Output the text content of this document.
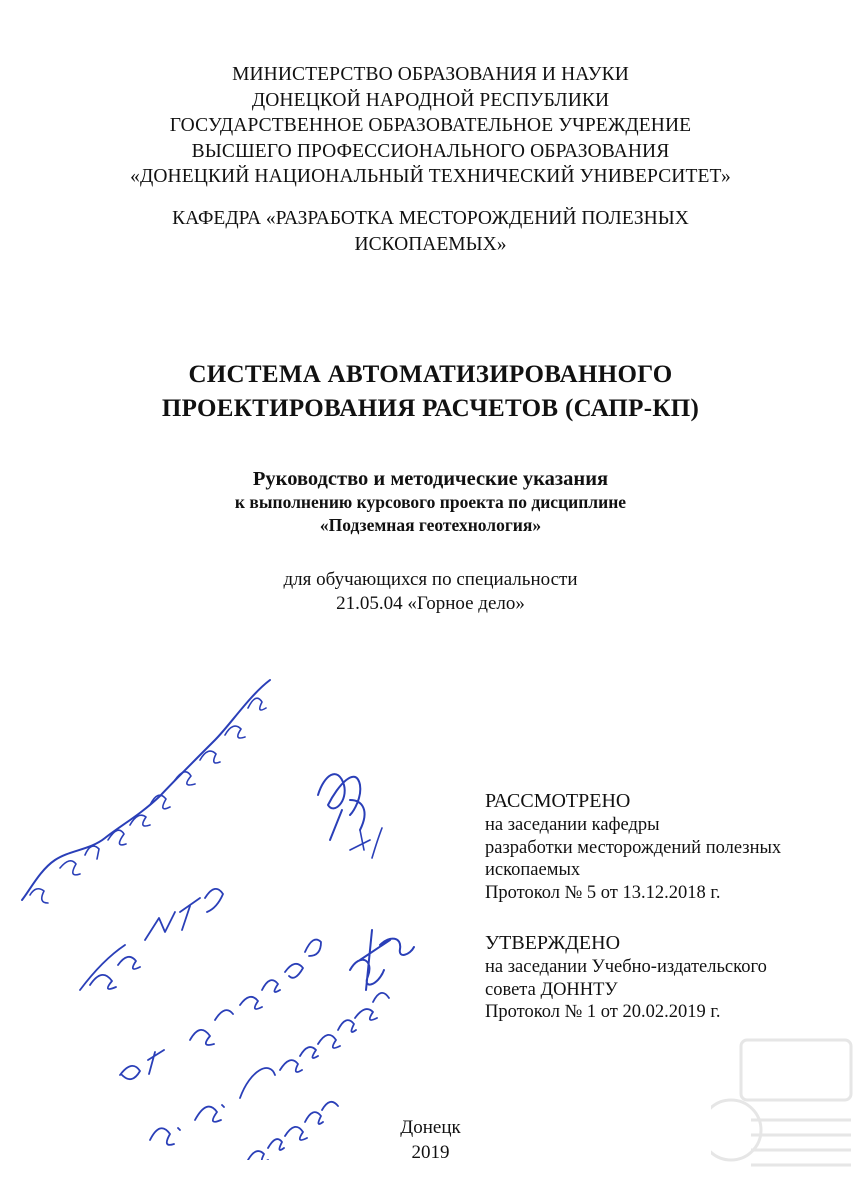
МИНИСТЕРСТВО ОБРАЗОВАНИЯ И НАУКИ
ДОНЕЦКОЙ НАРОДНОЙ РЕСПУБЛИКИ
ГОСУДАРСТВЕННОЕ ОБРАЗОВАТЕЛЬНОЕ УЧРЕЖДЕНИЕ
ВЫСШЕГО ПРОФЕССИОНАЛЬНОГО ОБРАЗОВАНИЯ
«ДОНЕЦКИЙ НАЦИОНАЛЬНЫЙ ТЕХНИЧЕСКИЙ УНИВЕРСИТЕТ»
КАФЕДРА «РАЗРАБОТКА МЕСТОРОЖДЕНИЙ ПОЛЕЗНЫХ
ИСКОПАЕМЫХ»
СИСТЕМА АВТОМАТИЗИРОВАННОГО
ПРОЕКТИРОВАНИЯ РАСЧЕТОВ (САПР-КП)
Руководство и методические указания
к выполнению курсового проекта по дисциплине
«Подземная геотехнология»
для обучающихся по специальности
21.05.04 «Горное дело»
РАССМОТРЕНО
на заседании кафедры
разработки месторождений полезных
ископаемых
Протокол № 5 от 13.12.2018 г.
УТВЕРЖДЕНО
на заседании Учебно-издательского
совета ДОННТУ
Протокол № 1 от 20.02.2019 г.
Донецк
2019
